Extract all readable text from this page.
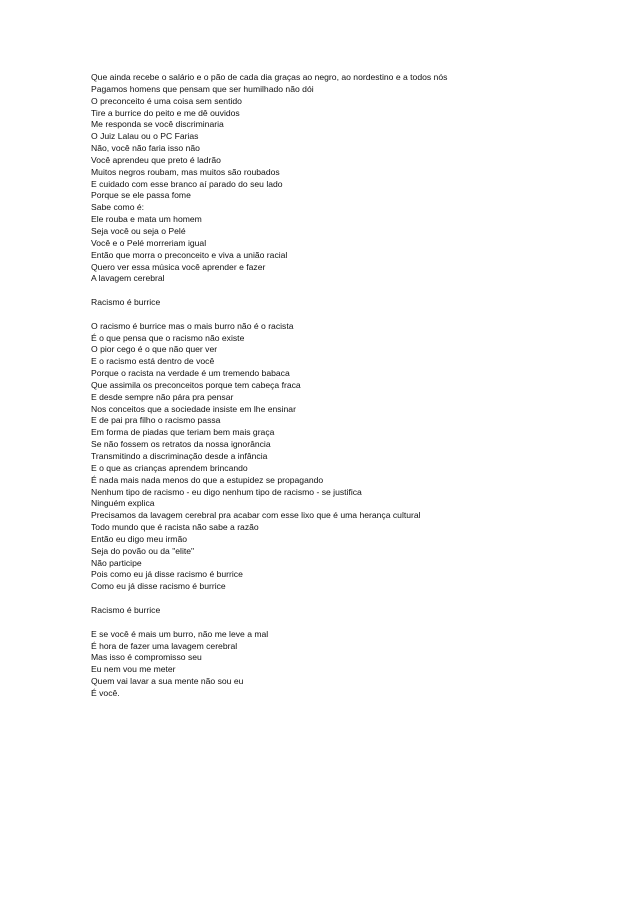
Que ainda recebe o salário e o pão de cada dia graças ao negro, ao nordestino e a todos nós
Pagamos homens que pensam que ser humilhado não dói
O preconceito é uma coisa sem sentido
Tire a burrice do peito e me dê ouvidos
Me responda se você discriminaria
O Juiz Lalau ou o PC Farias
Não, você não faria isso não
Você aprendeu que preto é ladrão
Muitos negros roubam, mas muitos são roubados
E cuidado com esse branco aí parado do seu lado
Porque se ele passa fome
Sabe como é:
Ele rouba e mata um homem
Seja você ou seja o Pelé
Você e o Pelé morreriam igual
Então que morra o preconceito e viva a união racial
Quero ver essa música você aprender e fazer
A lavagem cerebral
Racismo é burrice
O racismo é burrice mas o mais burro não é o racista
É o que pensa que o racismo não existe
O pior cego é o que não quer ver
E o racismo está dentro de você
Porque o racista na verdade é um tremendo babaca
Que assimila os preconceitos porque tem cabeça fraca
E desde sempre não pára pra pensar
Nos conceitos que a sociedade insiste em lhe ensinar
E de pai pra filho o racismo passa
Em forma de piadas que teriam bem mais graça
Se não fossem os retratos da nossa ignorância
Transmitindo a discriminação desde a infância
E o que as crianças aprendem brincando
É nada mais nada menos do que a estupidez se propagando
Nenhum tipo de racismo - eu digo nenhum tipo de racismo - se justifica
Ninguém explica
Precisamos da lavagem cerebral pra acabar com esse lixo que é uma herança cultural
Todo mundo que é racista não sabe a razão
Então eu digo meu irmão
Seja do povão ou da "elite"
Não participe
Pois como eu já disse racismo é burrice
Como eu já disse racismo é burrice
Racismo é burrice
E se você é mais um burro, não me leve a mal
É hora de fazer uma lavagem cerebral
Mas isso é compromisso seu
Eu nem vou me meter
Quem vai lavar a sua mente não sou eu
É você.
